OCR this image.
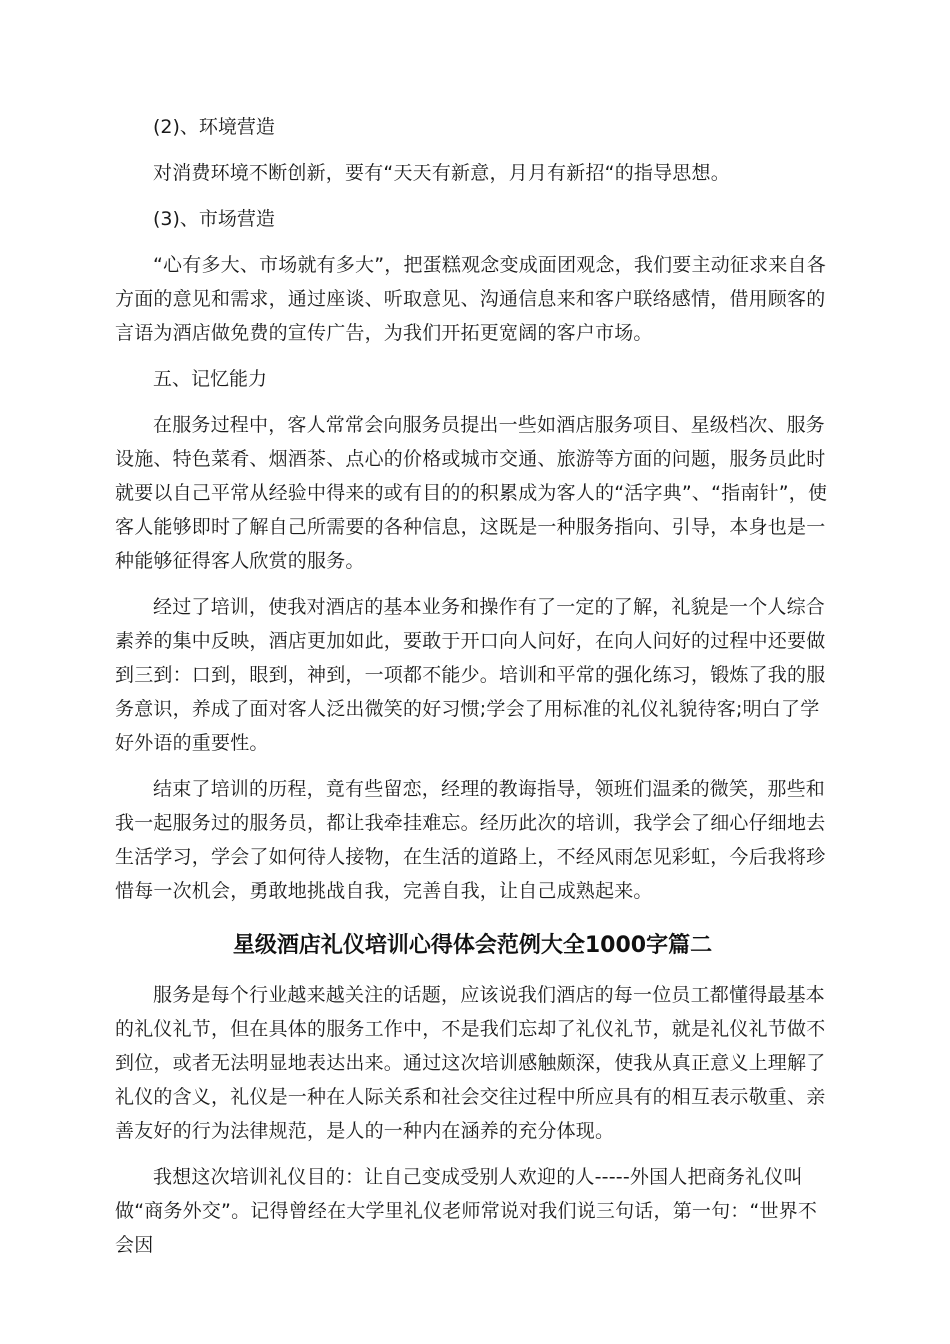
(2)、环境营造
对消费环境不断创新，要有“天天有新意，月月有新招“的指导思想。
(3)、市场营造
“心有多大、市场就有多大”，把蛋糕观念变成面团观念，我们要主动征求来自各方面的意见和需求，通过座谈、听取意见、沟通信息来和客户联络感情，借用顾客的言语为酒店做免费的宣传广告，为我们开拓更宽阔的客户市场。
五、记忆能力
在服务过程中，客人常常会向服务员提出一些如酒店服务项目、星级档次、服务设施、特色菜肴、烟酒茶、点心的价格或城市交通、旅游等方面的问题，服务员此时就要以自己平常从经验中得来的或有目的的积累成为客人的“活字典”、“指南针”，使客人能够即时了解自己所需要的各种信息，这既是一种服务指向、引导，本身也是一种能够征得客人欣赏的服务。
经过了培训，使我对酒店的基本业务和操作有了一定的了解，礼貌是一个人综合素养的集中反映，酒店更加如此，要敢于开口向人问好，在向人问好的过程中还要做到三到：口到，眼到，神到，一项都不能少。培训和平常的强化练习，锻炼了我的服务意识，养成了面对客人泛出微笑的好习惯;学会了用标准的礼仪礼貌待客;明白了学好外语的重要性。
结束了培训的历程，竟有些留恋，经理的教诲指导，领班们温柔的微笑，那些和我一起服务过的服务员，都让我牵挂难忘。经历此次的培训，我学会了细心仔细地去生活学习，学会了如何待人接物，在生活的道路上，不经风雨怎见彩虹，今后我将珍惜每一次机会，勇敢地挑战自我，完善自我，让自己成熟起来。
星级酒店礼仪培训心得体会范例大全1000字篇二
服务是每个行业越来越关注的话题，应该说我们酒店的每一位员工都懂得最基本的礼仪礼节，但在具体的服务工作中，不是我们忘却了礼仪礼节，就是礼仪礼节做不到位，或者无法明显地表达出来。通过这次培训感触颇深，使我从真正意义上理解了礼仪的含义，礼仪是一种在人际关系和社会交往过程中所应具有的相互表示敬重、亲善友好的行为法律规范，是人的一种内在涵养的充分体现。
我想这次培训礼仪目的：让自己变成受别人欢迎的人-----外国人把商务礼仪叫做“商务外交”。记得曾经在大学里礼仪老师常说对我们说三句话，第一句：“世界不会因
